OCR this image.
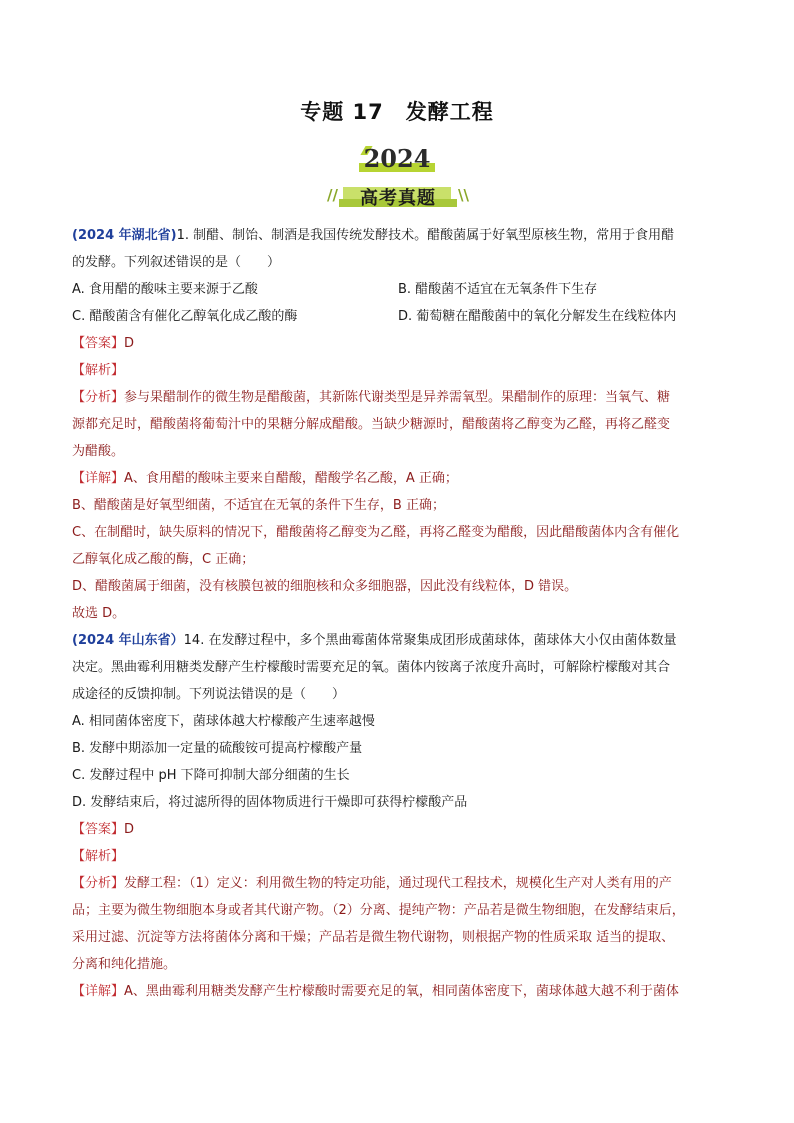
专题 17　发酵工程
2024
//	\\
高考真题
(2024 年湖北省)1. 制醋、制饴、制酒是我国传统发酵技术。醋酸菌属于好氧型原核生物，常用于食用醋
的发酵。下列叙述错误的是（　　）
A. 食用醋的酸味主要来源于乙酸	B. 醋酸菌不适宜在无氧条件下生存
C. 醋酸菌含有催化乙醇氧化成乙酸的酶	D. 葡萄糖在醋酸菌中的氧化分解发生在线粒体内
【答案】D
【解析】
【分析】参与果醋制作的微生物是醋酸菌，其新陈代谢类型是异养需氧型。果醋制作的原理：当氧气、糖
源都充足时，醋酸菌将葡萄汁中的果糖分解成醋酸。当缺少糖源时，醋酸菌将乙醇变为乙醛，再将乙醛变
为醋酸。
【详解】A、食用醋的酸味主要来自醋酸，醋酸学名乙酸，A 正确；
B、醋酸菌是好氧型细菌，不适宜在无氧的条件下生存，B 正确；
C、在制醋时，缺失原料的情况下，醋酸菌将乙醇变为乙醛，再将乙醛变为醋酸，因此醋酸菌体内含有催化
乙醇氧化成乙酸的酶，C 正确；
D、醋酸菌属于细菌，没有核膜包被的细胞核和众多细胞器，因此没有线粒体，D 错误。
故选 D。
(2024 年山东省）14. 在发酵过程中，多个黑曲霉菌体常聚集成团形成菌球体，菌球体大小仅由菌体数量
决定。黑曲霉利用糖类发酵产生柠檬酸时需要充足的氧。菌体内铵离子浓度升高时，可解除柠檬酸对其合
成途径的反馈抑制。下列说法错误的是（　　）
A. 相同菌体密度下，菌球体越大柠檬酸产生速率越慢
B. 发酵中期添加一定量的硫酸铵可提高柠檬酸产量
C. 发酵过程中 pH 下降可抑制大部分细菌的生长
D. 发酵结束后，将过滤所得的固体物质进行干燥即可获得柠檬酸产品
【答案】D
【解析】
【分析】发酵工程：（1）定义：利用微生物的特定功能，通过现代工程技术，规模化生产对人类有用的产
品；主要为微生物细胞本身或者其代谢产物。（2）分离、提纯产物：产品若是微生物细胞，在发酵结束后，
采用过滤、沉淀等方法将菌体分离和干燥；产品若是微生物代谢物，则根据产物的性质采取 适当的提取、
分离和纯化措施。
【详解】A、黑曲霉利用糖类发酵产生柠檬酸时需要充足的氧，相同菌体密度下，菌球体越大越不利于菌体
